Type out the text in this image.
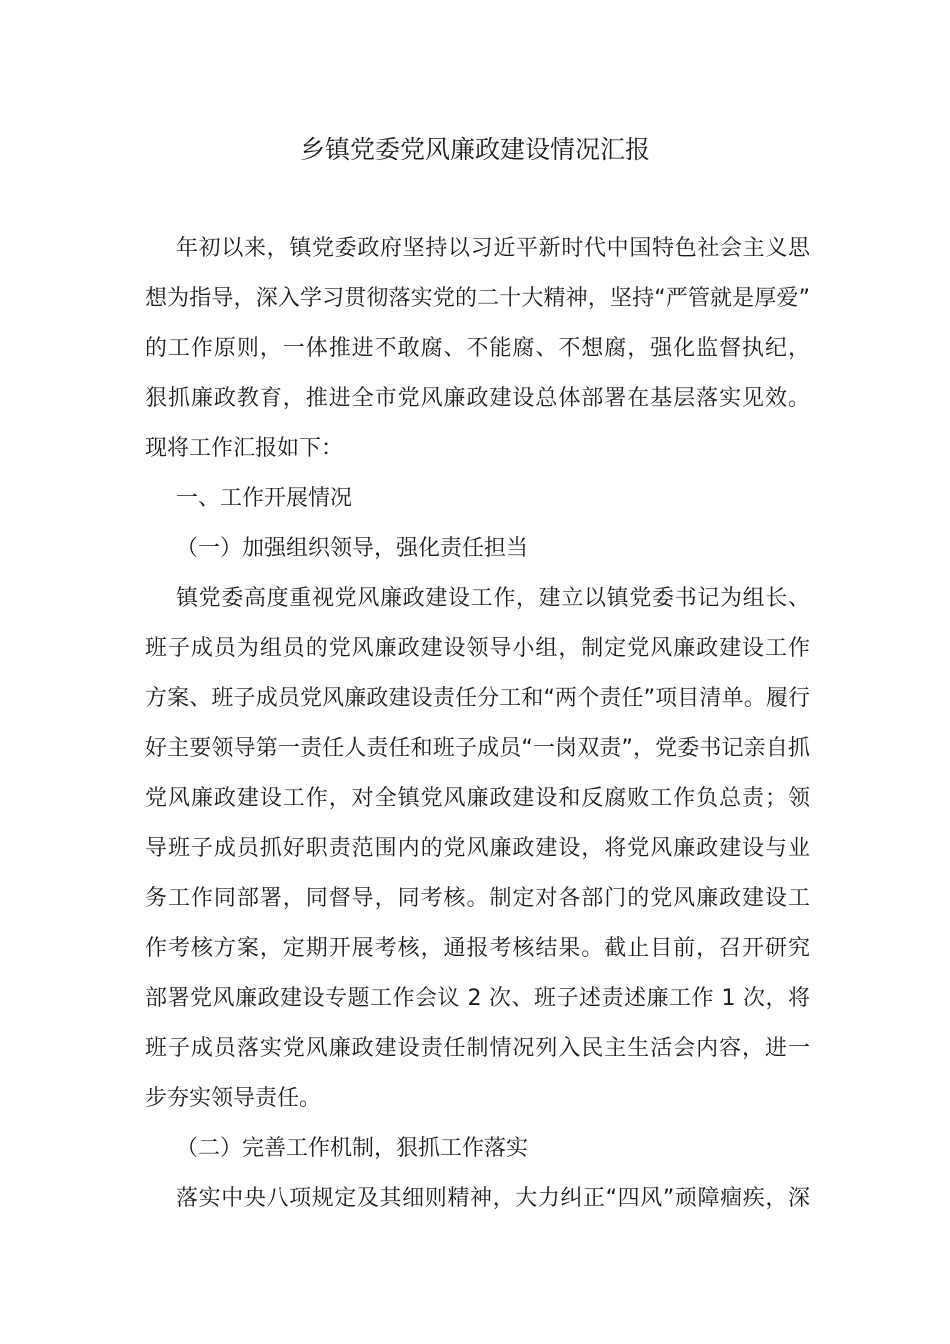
乡镇党委党风廉政建设情况汇报
年初以来，镇党委政府坚持以习近平新时代中国特色社会主义思
想为指导，深入学习贯彻落实党的二十大精神，坚持“严管就是厚爱”
的工作原则，一体推进不敢腐、不能腐、不想腐，强化监督执纪，
狠抓廉政教育，推进全市党风廉政建设总体部署在基层落实见效。
现将工作汇报如下：
一、工作开展情况
（一）加强组织领导，强化责任担当
镇党委高度重视党风廉政建设工作，建立以镇党委书记为组长、
班子成员为组员的党风廉政建设领导小组，制定党风廉政建设工作
方案、班子成员党风廉政建设责任分工和“两个责任”项目清单。履行
好主要领导第一责任人责任和班子成员“一岗双责”，党委书记亲自抓
党风廉政建设工作，对全镇党风廉政建设和反腐败工作负总责；领
导班子成员抓好职责范围内的党风廉政建设，将党风廉政建设与业
务工作同部署，同督导，同考核。制定对各部门的党风廉政建设工
作考核方案，定期开展考核，通报考核结果。截止目前，召开研究
部署党风廉政建设专题工作会议 2 次、班子述责述廉工作 1 次，将
班子成员落实党风廉政建设责任制情况列入民主生活会内容，进一
步夯实领导责任。
（二）完善工作机制，狠抓工作落实
落实中央八项规定及其细则精神，大力纠正“四风”顽障痼疾，深
